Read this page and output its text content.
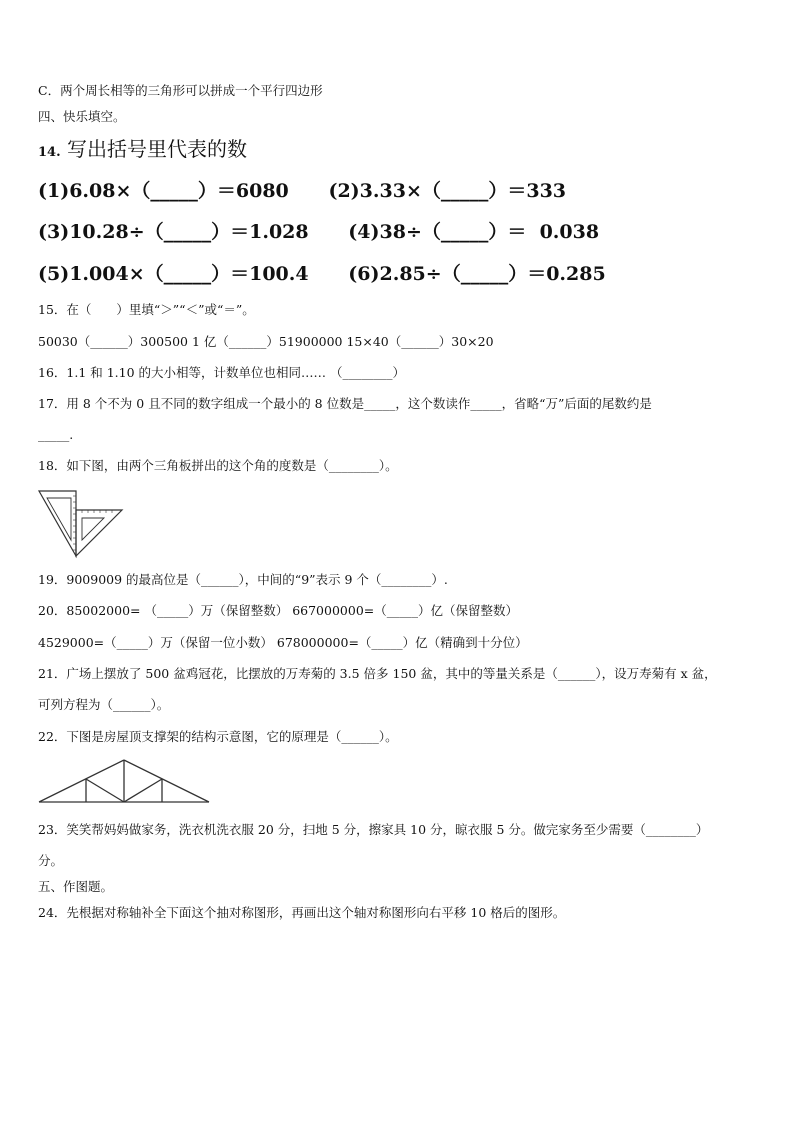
C．两个周长相等的三角形可以拼成一个平行四边形
四、快乐填空。
14. 写出括号里代表的数
(1)6.08×（_____）＝6080      (2)3.33×（_____）＝333
(3)10.28÷（_____）＝1.028      (4)38÷（_____）＝  0.038
(5)1.004×（_____）＝100.4      (6)2.85÷（_____）＝0.285
15．在（　　）里填“＞”“＜”或“＝”。
50030（______）300500 1 亿（______）51900000 15×40（______）30×20
16．1.1 和 1.10 的大小相等，计数单位也相同…… （________）
17．用 8 个不为 0 且不同的数字组成一个最小的 8 位数是_____，这个数读作_____，省略“万”后面的尾数约是
_____.
18．如下图，由两个三角板拼出的这个角的度数是（________）。
19．9009009 的最高位是（______），中间的“9”表示 9 个（________）.
20．85002000= （_____）万（保留整数） 667000000=（_____）亿（保留整数）
4529000=（_____）万（保留一位小数） 678000000=（_____）亿（精确到十分位）
21．广场上摆放了 500 盆鸡冠花，比摆放的万寿菊的 3.5 倍多 150 盆，其中的等量关系是（______），设万寿菊有 x 盆，
可列方程为（______）。
22．下图是房屋顶支撑架的结构示意图，它的原理是（______）。
23．笑笑帮妈妈做家务，洗衣机洗衣服 20 分，扫地 5 分，擦家具 10 分，晾衣服 5 分。做完家务至少需要（________）
分。
五、作图题。
24．先根据对称轴补全下面这个抽对称图形，再画出这个轴对称图形向右平移 10 格后的图形。
